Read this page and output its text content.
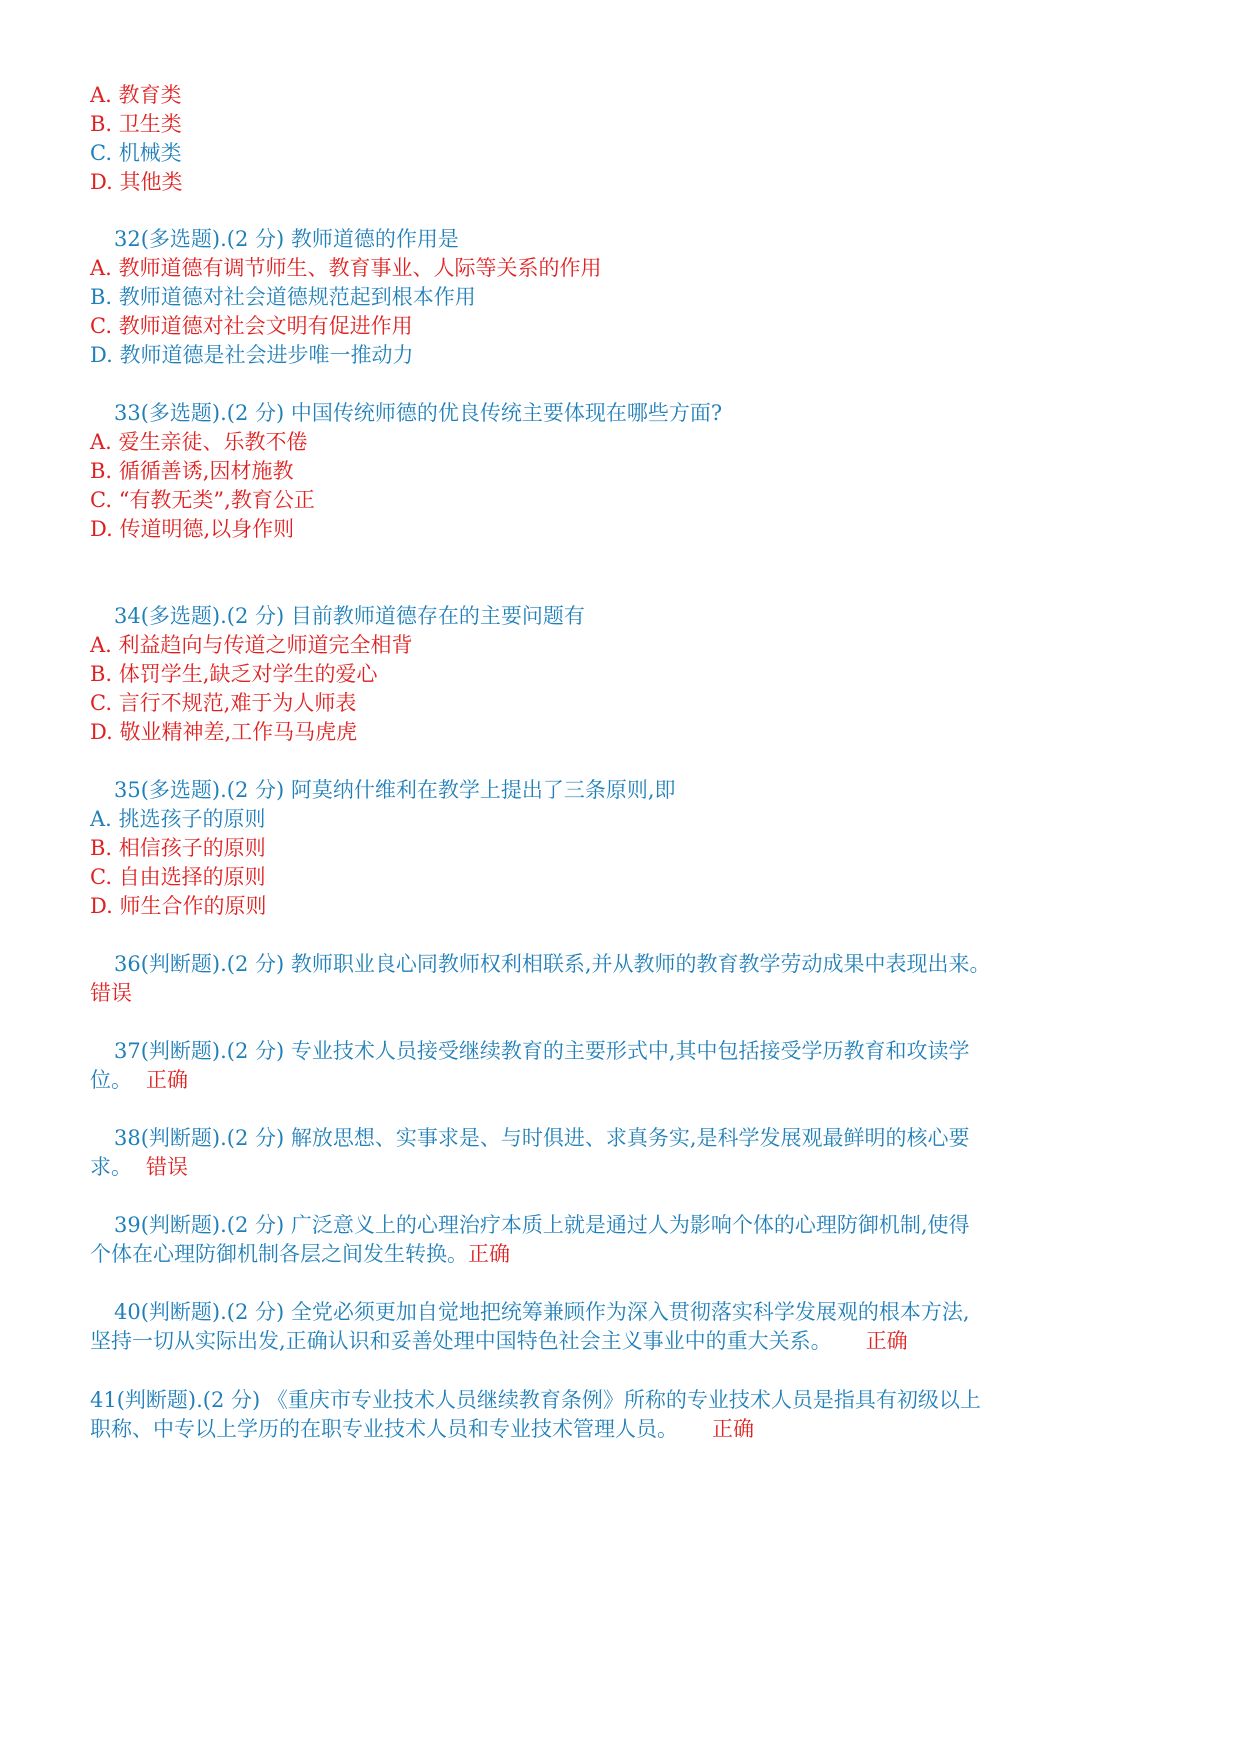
A. 教育类
B. 卫生类
C. 机械类
D. 其他类
32(多选题).(2 分) 教师道德的作用是
A. 教师道德有调节师生、教育事业、人际等关系的作用
B. 教师道德对社会道德规范起到根本作用
C. 教师道德对社会文明有促进作用
D. 教师道德是社会进步唯一推动力
33(多选题).(2 分) 中国传统师德的优良传统主要体现在哪些方面?
A. 爱生亲徒、乐教不倦
B. 循循善诱,因材施教
C. “有教无类”,教育公正
D. 传道明德,以身作则
34(多选题).(2 分) 目前教师道德存在的主要问题有
A. 利益趋向与传道之师道完全相背
B. 体罚学生,缺乏对学生的爱心
C. 言行不规范,难于为人师表
D. 敬业精神差,工作马马虎虎
35(多选题).(2 分) 阿莫纳什维利在教学上提出了三条原则,即
A. 挑选孩子的原则
B. 相信孩子的原则
C. 自由选择的原则
D. 师生合作的原则
36(判断题).(2 分) 教师职业良心同教师权利相联系,并从教师的教育教学劳动成果中表现出来。
错误
37(判断题).(2 分) 专业技术人员接受继续教育的主要形式中,其中包括接受学历教育和攻读学
位。 正确
38(判断题).(2 分) 解放思想、实事求是、与时俱进、求真务实,是科学发展观最鲜明的核心要
求。 错误
39(判断题).(2 分) 广泛意义上的心理治疗本质上就是通过人为影响个体的心理防御机制,使得
个体在心理防御机制各层之间发生转换。正确
40(判断题).(2 分) 全党必须更加自觉地把统筹兼顾作为深入贯彻落实科学发展观的根本方法,
坚持一切从实际出发,正确认识和妥善处理中国特色社会主义事业中的重大关系。 正确
41(判断题).(2 分) 《重庆市专业技术人员继续教育条例》所称的专业技术人员是指具有初级以上
职称、中专以上学历的在职专业技术人员和专业技术管理人员。 正确
